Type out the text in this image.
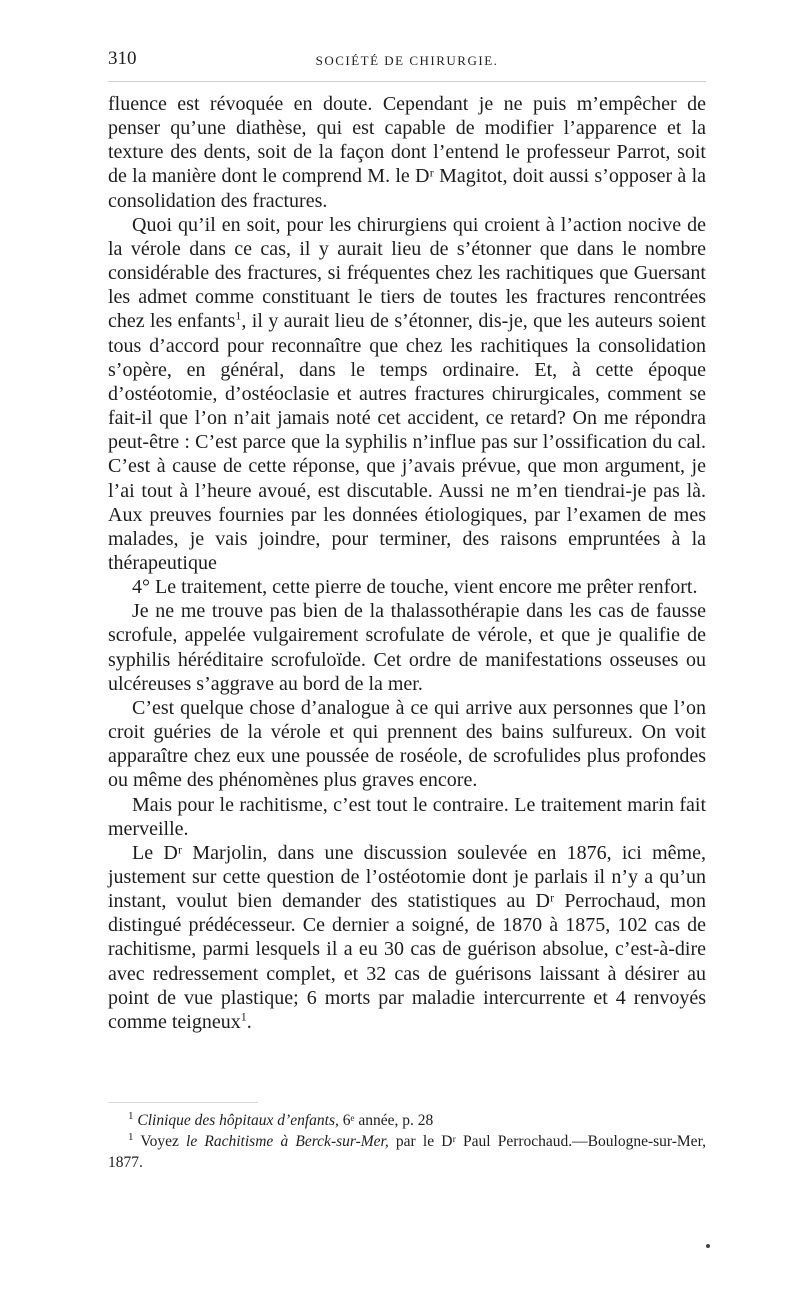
310	SOCIÉTÉ DE CHIRURGIE.

fluence est révoquée en doute. Cependant je ne puis m’empêcher de penser qu’une diathèse, qui est capable de modifier l’apparence et la texture des dents, soit de la façon dont l’entend le professeur Parrot, soit de la manière dont le comprend M. le Dʳ Magitot, doit aussi s’opposer à la consolidation des fractures.

Quoi qu’il en soit, pour les chirurgiens qui croient à l’action nocive de la vérole dans ce cas, il y aurait lieu de s’étonner que dans le nombre considérable des fractures, si fréquentes chez les rachitiques que Guersant les admet comme constituant le tiers de toutes les fractures rencontrées chez les enfants$^1$, il y aurait lieu de s’étonner, dis-je, que les auteurs soient tous d’accord pour reconnaître que chez les rachitiques la consolidation s’opère, en général, dans le temps ordinaire. Et, à cette époque d’ostéotomie, d’ostéoclasie et autres fractures chirurgicales, comment se fait-il que l’on n’ait jamais noté cet accident, ce retard? On me répondra peut-être : C’est parce que la syphilis n’influe pas sur l’ossification du cal. C’est à cause de cette réponse, que j’avais prévue, que mon argument, je l’ai tout à l’heure avoué, est discutable. Aussi ne m’en tiendrai-je pas là. Aux preuves fournies par les données étiologiques, par l’examen de mes malades, je vais joindre, pour terminer, des raisons empruntées à la thérapeutique

4° Le traitement, cette pierre de touche, vient encore me prêter renfort.

Je ne me trouve pas bien de la thalassothérapie dans les cas de fausse scrofule, appelée vulgairement scrofulate de vérole, et que je qualifie de syphilis héréditaire scrofuloïde. Cet ordre de manifestations osseuses ou ulcéreuses s’aggrave au bord de la mer.

C’est quelque chose d’analogue à ce qui arrive aux personnes que l’on croit guéries de la vérole et qui prennent des bains sulfureux. On voit apparaître chez eux une poussée de roséole, de scrofulides plus profondes ou même des phénomènes plus graves encore.

Mais pour le rachitisme, c’est tout le contraire. Le traitement marin fait merveille.

Le Dʳ Marjolin, dans une discussion soulevée en 1876, ici même, justement sur cette question de l’ostéotomie dont je parlais il n’y a qu’un instant, voulut bien demander des statistiques au Dʳ Perrochaud, mon distingué prédécesseur. Ce dernier a soigné, de 1870 à 1875, 102 cas de rachitisme, parmi lesquels il a eu 30 cas de guérison absolue, c’est-à-dire avec redressement complet, et 32 cas de guérisons laissant à désirer au point de vue plastique; 6 morts par maladie intercurrente et 4 renvoyés comme teigneux$^1$.

$^1$ Clinique des hôpitaux d’enfants, 6ᵉ année, p. 28

$^1$ Voyez le Rachitisme à Berck-sur-Mer, par le Dʳ Paul Perrochaud.—Boulogne-sur-Mer, 1877.
